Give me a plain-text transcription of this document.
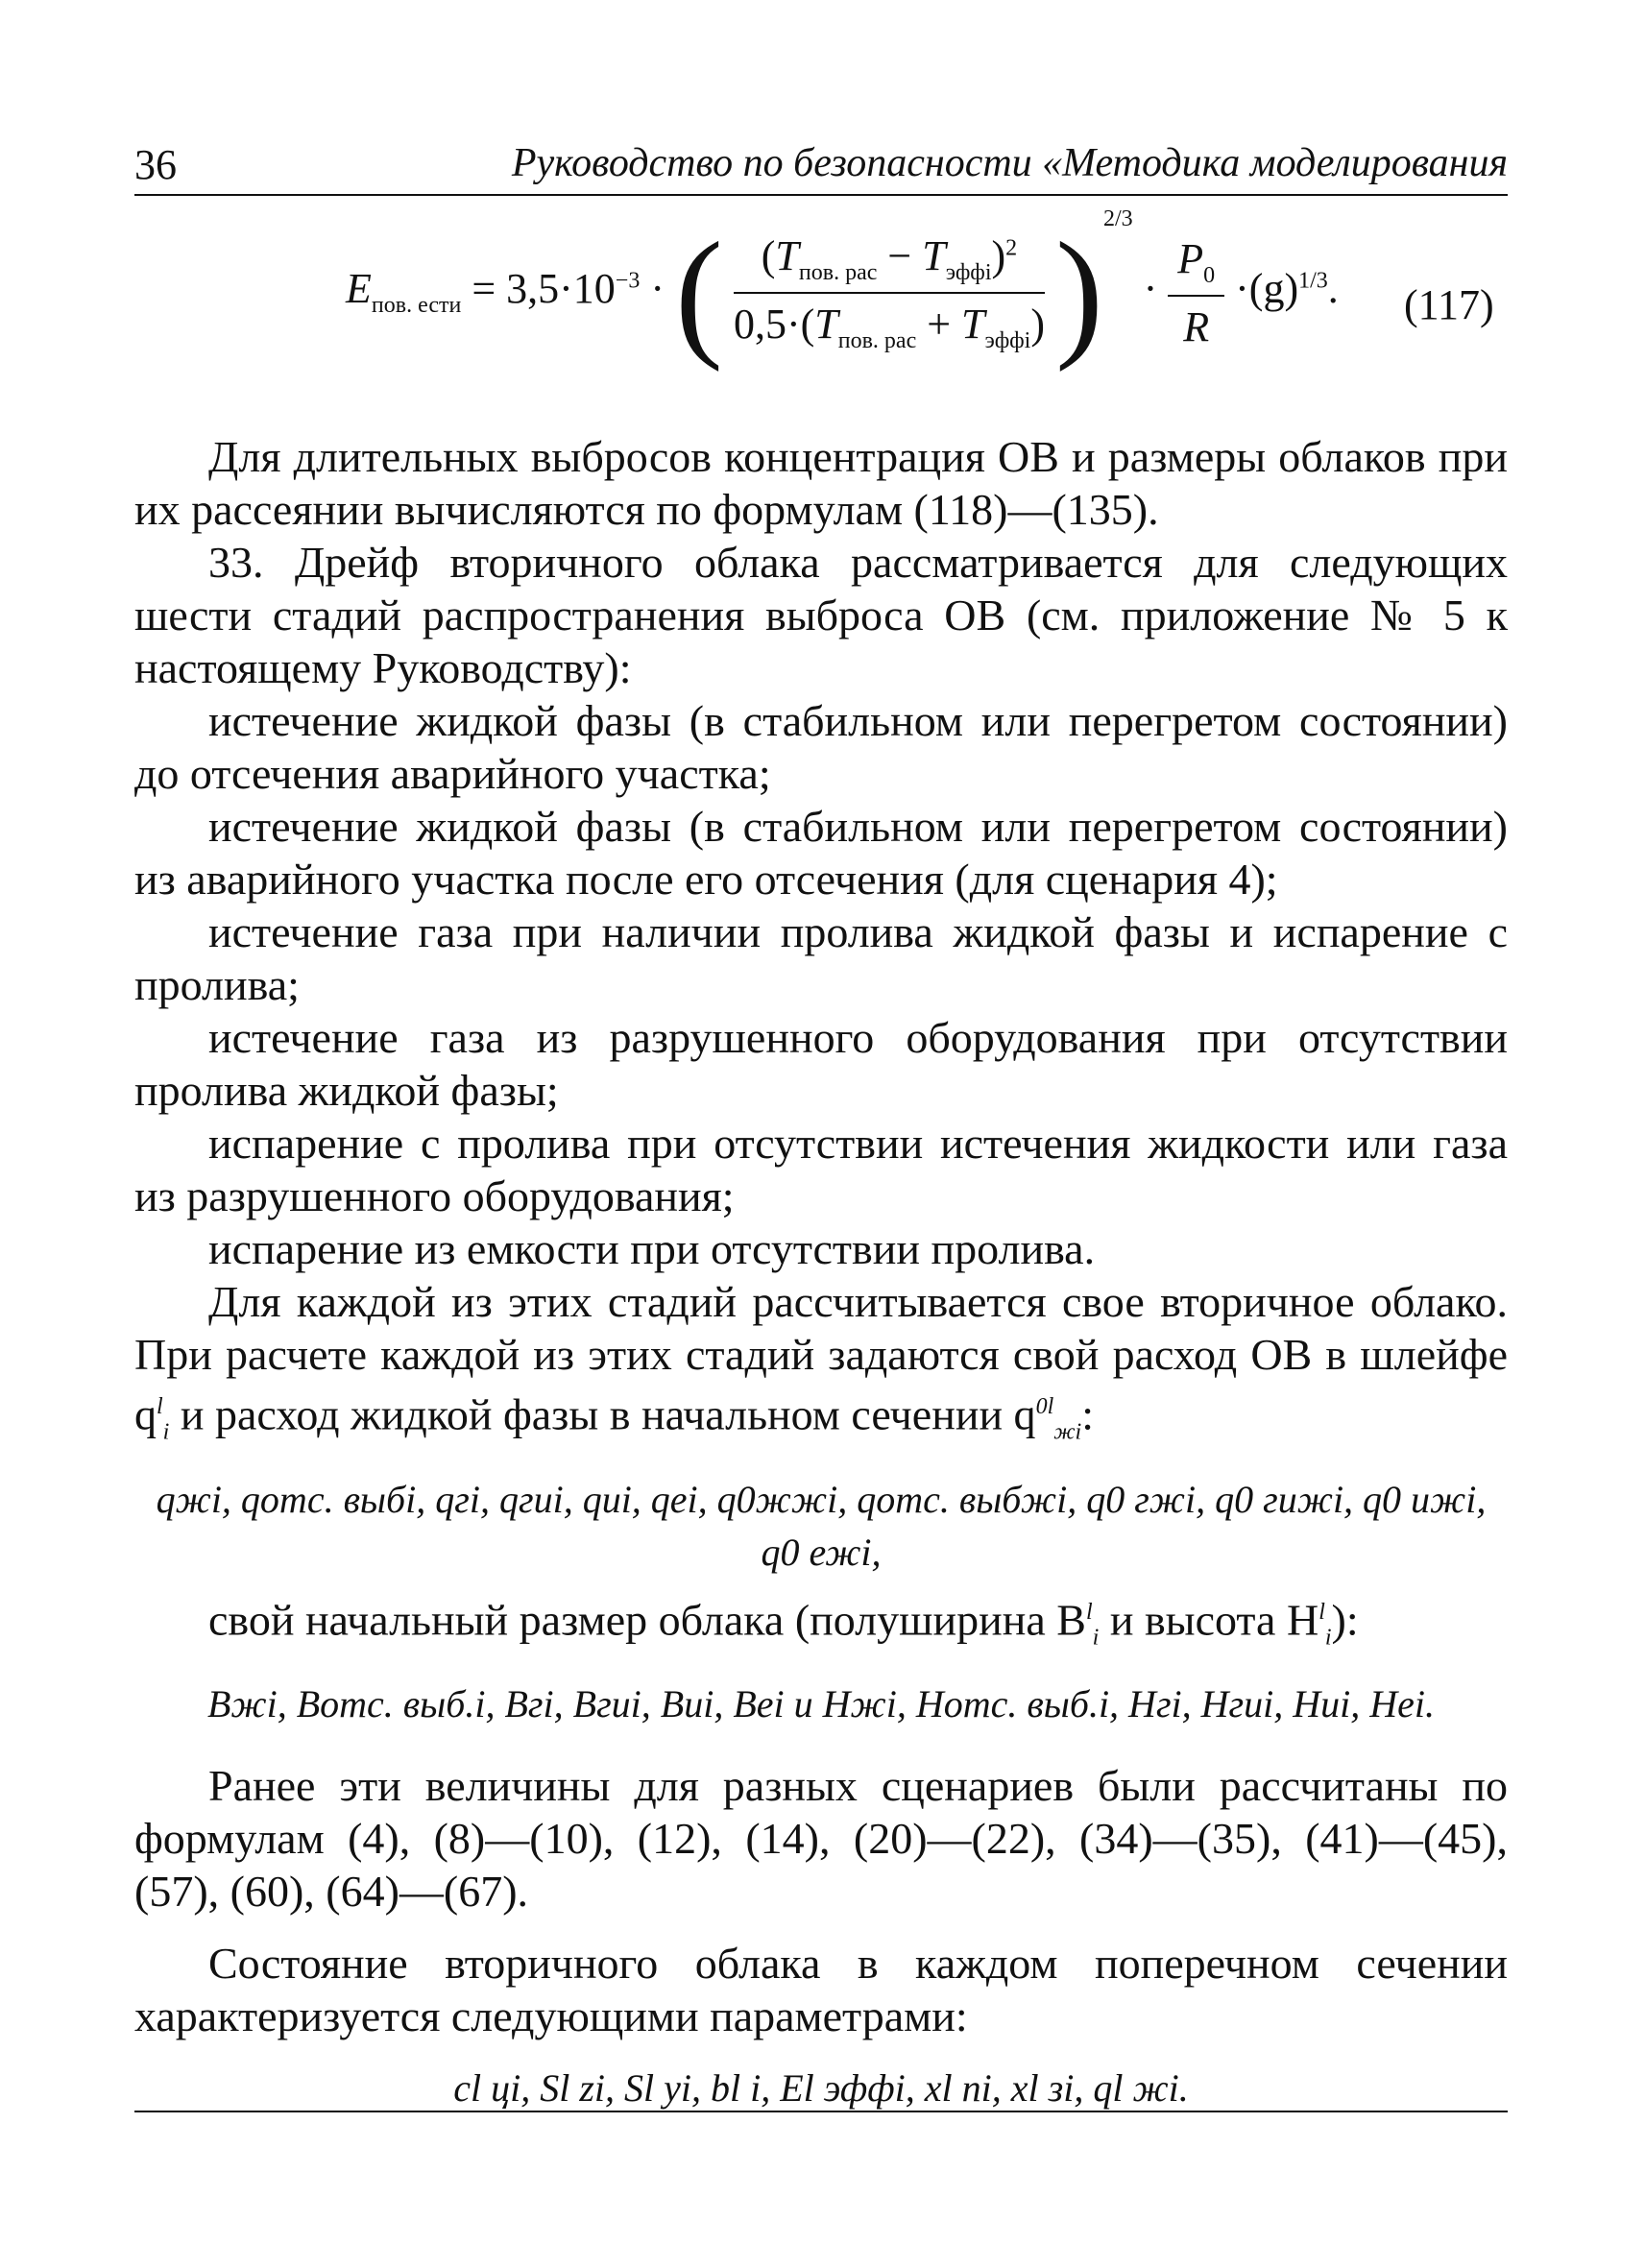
36	Руководство по безопасности «Методика моделирования
$E_{пов. ести} = 3,5\cdot 10^{-3}$ · ( $\frac{(T_{пов. рас} - T_{эффi})^2}{0,5\cdot(T_{пов. рас} + T_{эффi})} )^{2/3} \cdot \frac{P_0}{R} \cdot(g)^{1/3}$. (117)

Для длительных выбросов концентрация ОВ и размеры облаков при их рассеянии вычисляются по формулам (118)—(135).

33. Дрейф вторичного облака рассматривается для следующих шести стадий распространения выброса ОВ (см. приложение № 5 к настоящему Руководству):

истечение жидкой фазы (в стабильном или перегретом состоянии) до отсечения аварийного участка;

истечение жидкой фазы (в стабильном или перегретом состоянии) из аварийного участка после его отсечения (для сценария 4);

истечение газа при наличии пролива жидкой фазы и испарение с пролива;

истечение газа из разрушенного оборудования при отсутствии пролива жидкой фазы;

испарение с пролива при отсутствии истечения жидкости или газа из разрушенного оборудования;

испарение из емкости при отсутствии пролива.

Для каждой из этих стадий рассчитывается свое вторичное облако. При расчете каждой из этих стадий задаются свой расход ОВ в шлейфе $q^l_i$ и расход жидкой фазы в начальном сечении $q^{0l}_{жi}$:

qжi, qотс. выбi, qгi, qгиi, qиi, qеi, q0жжi, qотс. выбжi, q0 гжi, q0 гижi, q0 ижi, q0 ежi,

свой начальный размер облака (полуширина $B^l_i$ и высота $H^l_i$):

Bжi, Bотс. выб.i, Bгi, Bгиi, Bиi, Bеi и Hжi, Hотс. выб.i, Hгi, Hгиi, Hиi, Hеi.

Ранее эти величины для разных сценариев были рассчитаны по формулам (4), (8)—(10), (12), (14), (20)—(22), (34)—(35), (41)—(45), (57), (60), (64)—(67).

Состояние вторичного облака в каждом поперечном сечении характеризуется следующими параметрами:

cl цi, Sl zi, Sl yi, bl i, El эффi, xl пi, xl зi, ql жi.
